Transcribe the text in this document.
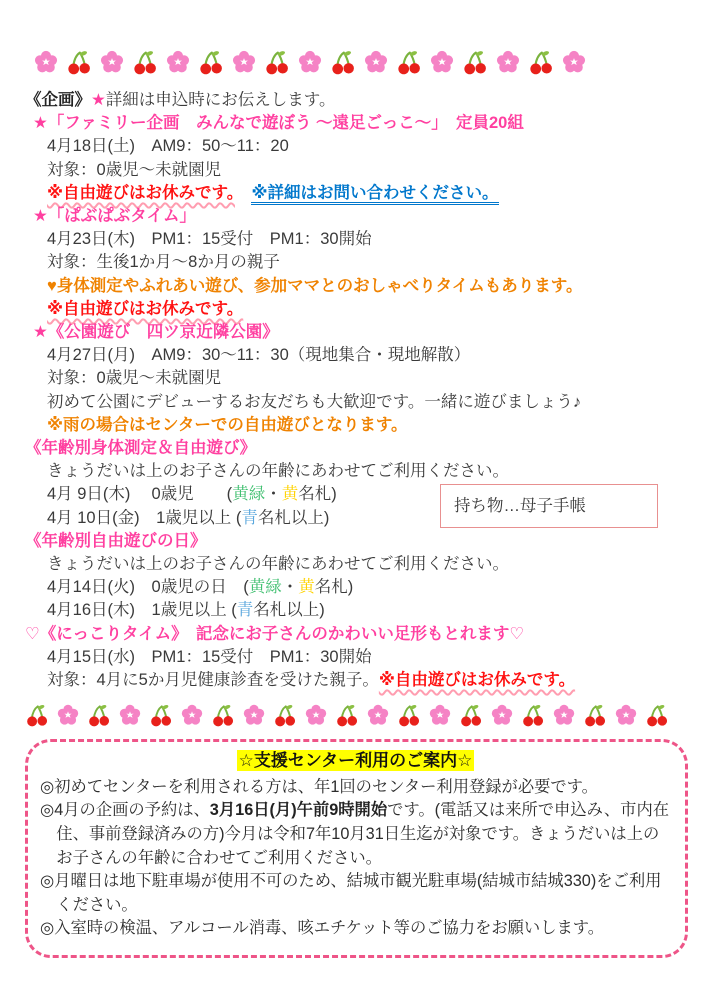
《企画》★詳細は申込時にお伝えします。
★「ファミリー企画　みんなで遊ぼう ～遠足ごっこ～」　定員20組
4月18日(土)　AM9：50～11：20
対象：0歳児～未就園児
※自由遊びはお休みです。　 ※詳細はお問い合わせください。
★「ぱぶぱぶタイム」
4月23日(木)　PM1：15受付　PM1：30開始
対象：生後1か月～8か月の親子
♥身体測定やふれあい遊び、参加ママとのおしゃべりタイムもあります。
※自由遊びはお休みです。
★《公園遊び　四ツ京近隣公園》
4月27日(月)　AM9：30～11：30（現地集合・現地解散）
対象：0歳児～未就園児
初めて公園にデビューするお友だちも大歓迎です。一緒に遊びましょう♪
※雨の場合はセンターでの自由遊びとなります。
《年齢別身体測定＆自由遊び》
きょうだいは上のお子さんの年齢にあわせてご利用ください。
4月 9日(木)　 0歳児　　(黄緑・黄名札)
持ち物…母子手帳
4月 10日(金)　1歳児以上 (青名札以上)
《年齢別自由遊びの日》
きょうだいは上のお子さんの年齢にあわせてご利用ください。
4月14日(火)　0歳児の日　(黄緑・黄名札)
4月16日(木)　1歳児以上 (青名札以上)
♡《にっこりタイム》　記念にお子さんのかわいい足形もとれます♡
4月15日(水)　PM1：15受付　PM1：30開始
対象：4月に5か月児健康診査を受けた親子。※自由遊びはお休みです。
☆支援センター利用のご案内☆
◎初めてセンターを利用される方は、年1回のセンター利用登録が必要です。
◎4月の企画の予約は、3月16日(月)午前9時開始です。(電話又は来所で申込み、市内在住、事前登録済みの方)今月は令和7年10月31日生迄が対象です。きょうだいは上のお子さんの年齢に合わせてご利用ください。
◎月曜日は地下駐車場が使用不可のため、結城市観光駐車場(結城市結城330)をご利用ください。
◎入室時の検温、アルコール消毒、咳エチケット等のご協力をお願いします。
